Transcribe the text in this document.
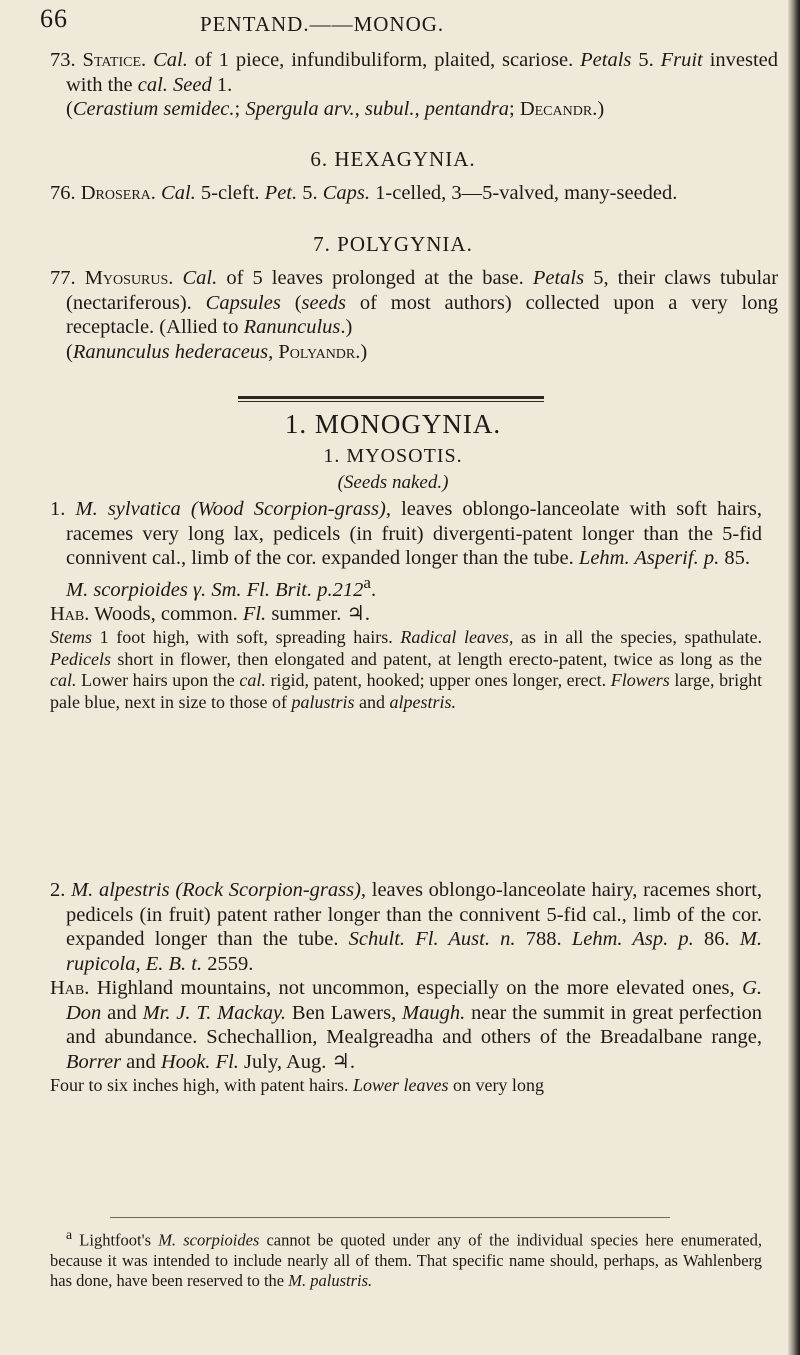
66	PENTAND.——MONOG.

73. Statice. Cal. of 1 piece, infundibuliform, plaited, scariose. Petals 5. Fruit invested with the cal. Seed 1.
(Cerastium semidec.; Spergula arv., subul., pentandra; Decandr.)

6. HEXAGYNIA.

76. Drosera. Cal. 5-cleft. Pet. 5. Caps. 1-celled, 3—5-valved, many-seeded.

7. POLYGYNIA.

77. Myosurus. Cal. of 5 leaves prolonged at the base. Petals 5, their claws tubular (nectariferous). Capsules (seeds of most authors) collected upon a very long receptacle. (Allied to Ranunculus.)
(Ranunculus hederaceus, Polyandr.)

1. MONOGYNIA.
1. MYOSOTIS.
(Seeds naked.)

1. M. sylvatica (Wood Scorpion-grass), leaves oblongo-lanceolate with soft hairs, racemes very long lax, pedicels (in fruit) divergenti-patent longer than the 5-fid connivent cal., limb of the cor. expanded longer than the tube. Lehm. Asperif. p. 85.
M. scorpioides γ. Sm. Fl. Brit. p.212$^a$.

Hab. Woods, common. Fl. summer. ♃.

Stems 1 foot high, with soft, spreading hairs. Radical leaves, as in all the species, spathulate. Pedicels short in flower, then elongated and patent, at length erecto-patent, twice as long as the cal. Lower hairs upon the cal. rigid, patent, hooked; upper ones longer, erect. Flowers large, bright pale blue, next in size to those of palustris and alpestris.

2. M. alpestris (Rock Scorpion-grass), leaves oblongo-lanceolate hairy, racemes short, pedicels (in fruit) patent rather longer than the connivent 5-fid cal., limb of the cor. expanded longer than the tube. Schult. Fl. Aust. n. 788. Lehm. Asp. p. 86. M. rupicola, E. B. t. 2559.

Hab. Highland mountains, not uncommon, especially on the more elevated ones, G. Don and Mr. J. T. Mackay. Ben Lawers, Maugh. near the summit in great perfection and abundance. Schechallion, Mealgreadha and others of the Breadalbane range, Borrer and Hook. Fl. July, Aug. ♃.

Four to six inches high, with patent hairs. Lower leaves on very long

$^a$ Lightfoot's M. scorpioides cannot be quoted under any of the individual species here enumerated, because it was intended to include nearly all of them. That specific name should, perhaps, as Wahlenberg has done, have been reserved to the M. palustris.
